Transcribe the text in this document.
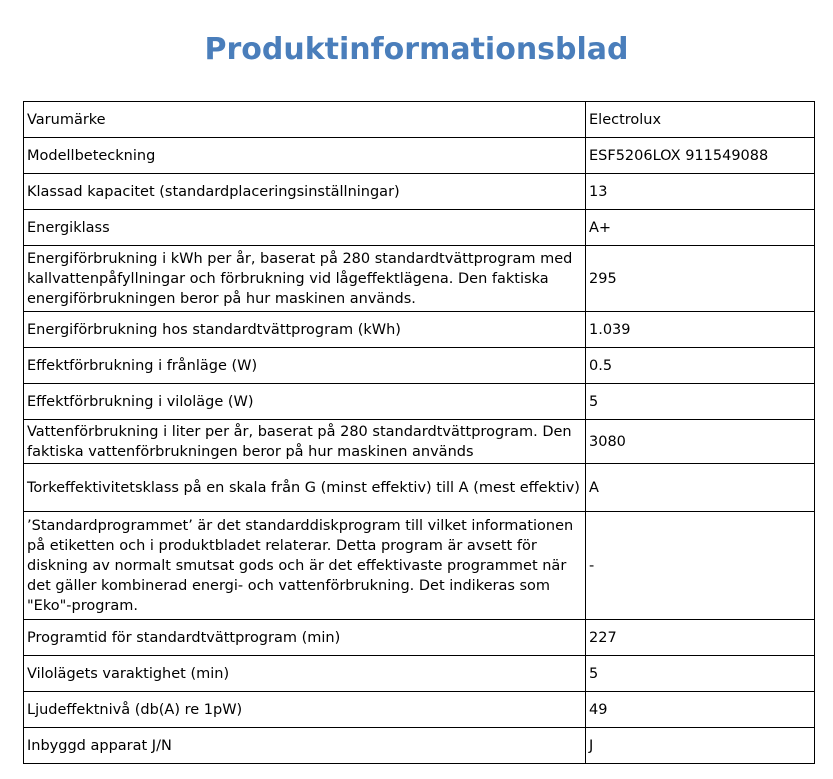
Produktinformationsblad
Varumärke	Electrolux
Modellbeteckning	ESF5206LOX 911549088
Klassad kapacitet (standardplaceringsinställningar)	13
Energiklass	A+
Energiförbrukning i kWh per år, baserat på 280 standardtvättprogram med kallvattenpåfyllningar och förbrukning vid lågeffektlägena. Den faktiska energiförbrukningen beror på hur maskinen används.	295
Energiförbrukning hos standardtvättprogram (kWh)	1.039
Effektförbrukning i frånläge (W)	0.5
Effektförbrukning i viloläge (W)	5
Vattenförbrukning i liter per år, baserat på 280 standardtvättprogram. Den faktiska vattenförbrukningen beror på hur maskinen används	3080
Torkeffektivitetsklass på en skala från G (minst effektiv) till A (mest effektiv)	A
’Standardprogrammet’ är det standarddiskprogram till vilket informationen på etiketten och i produktbladet relaterar. Detta program är avsett för diskning av normalt smutsat gods och är det effektivaste programmet när det gäller kombinerad energi- och vattenförbrukning. Det indikeras som "Eko"-program.	-
Programtid för standardtvättprogram (min)	227
Vilolägets varaktighet (min)	5
Ljudeffektnivå (db(A) re 1pW)	49
Inbyggd apparat J/N	J
